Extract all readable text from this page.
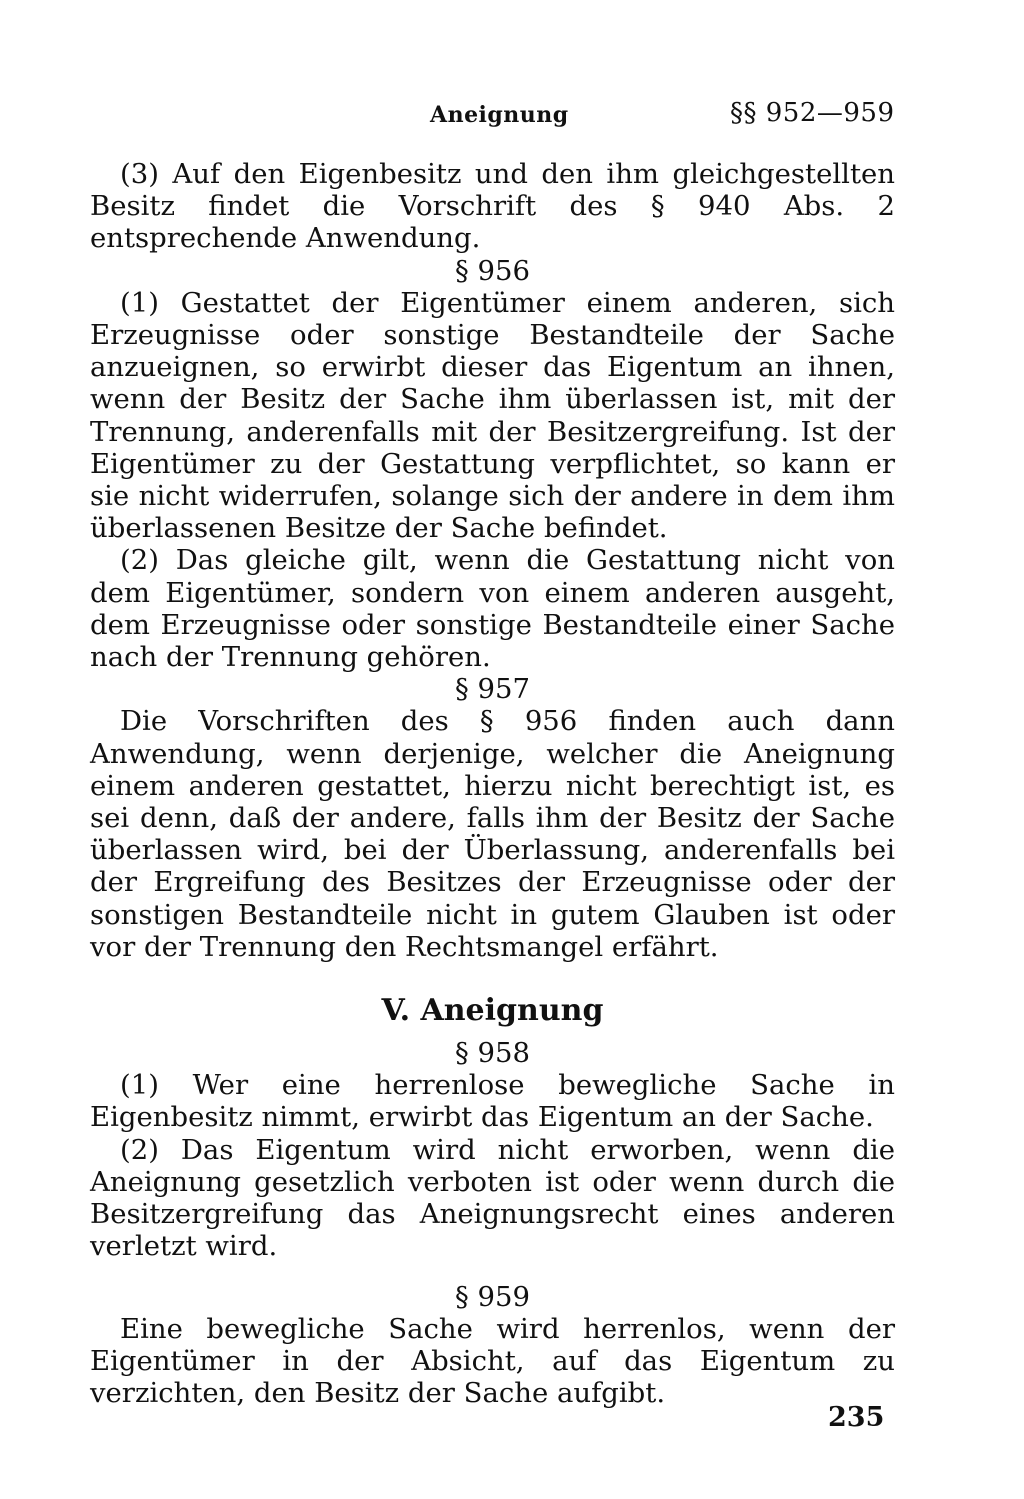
Aneignung	§§ 952—959

(3) Auf den Eigenbesitz und den ihm gleichgestellten Besitz findet die Vorschrift des § 940 Abs. 2 entsprechende Anwendung.

§ 956

(1) Gestattet der Eigentümer einem anderen, sich Erzeugnisse oder sonstige Bestandteile der Sache anzueignen, so erwirbt dieser das Eigentum an ihnen, wenn der Besitz der Sache ihm überlassen ist, mit der Trennung, anderenfalls mit der Besitzergreifung. Ist der Eigentümer zu der Gestattung verpflichtet, so kann er sie nicht widerrufen, solange sich der andere in dem ihm überlassenen Besitze der Sache befindet.

(2) Das gleiche gilt, wenn die Gestattung nicht von dem Eigentümer, sondern von einem anderen ausgeht, dem Erzeugnisse oder sonstige Bestandteile einer Sache nach der Trennung gehören.

§ 957

Die Vorschriften des § 956 finden auch dann Anwendung, wenn derjenige, welcher die Aneignung einem anderen gestattet, hierzu nicht berechtigt ist, es sei denn, daß der andere, falls ihm der Besitz der Sache überlassen wird, bei der Überlassung, anderenfalls bei der Ergreifung des Besitzes der Erzeugnisse oder der sonstigen Bestandteile nicht in gutem Glauben ist oder vor der Trennung den Rechtsmangel erfährt.

V. Aneignung

§ 958

(1) Wer eine herrenlose bewegliche Sache in Eigenbesitz nimmt, erwirbt das Eigentum an der Sache.

(2) Das Eigentum wird nicht erworben, wenn die Aneignung gesetzlich verboten ist oder wenn durch die Besitzergreifung das Aneignungsrecht eines anderen verletzt wird.

§ 959

Eine bewegliche Sache wird herrenlos, wenn der Eigentümer in der Absicht, auf das Eigentum zu verzichten, den Besitz der Sache aufgibt.

235
